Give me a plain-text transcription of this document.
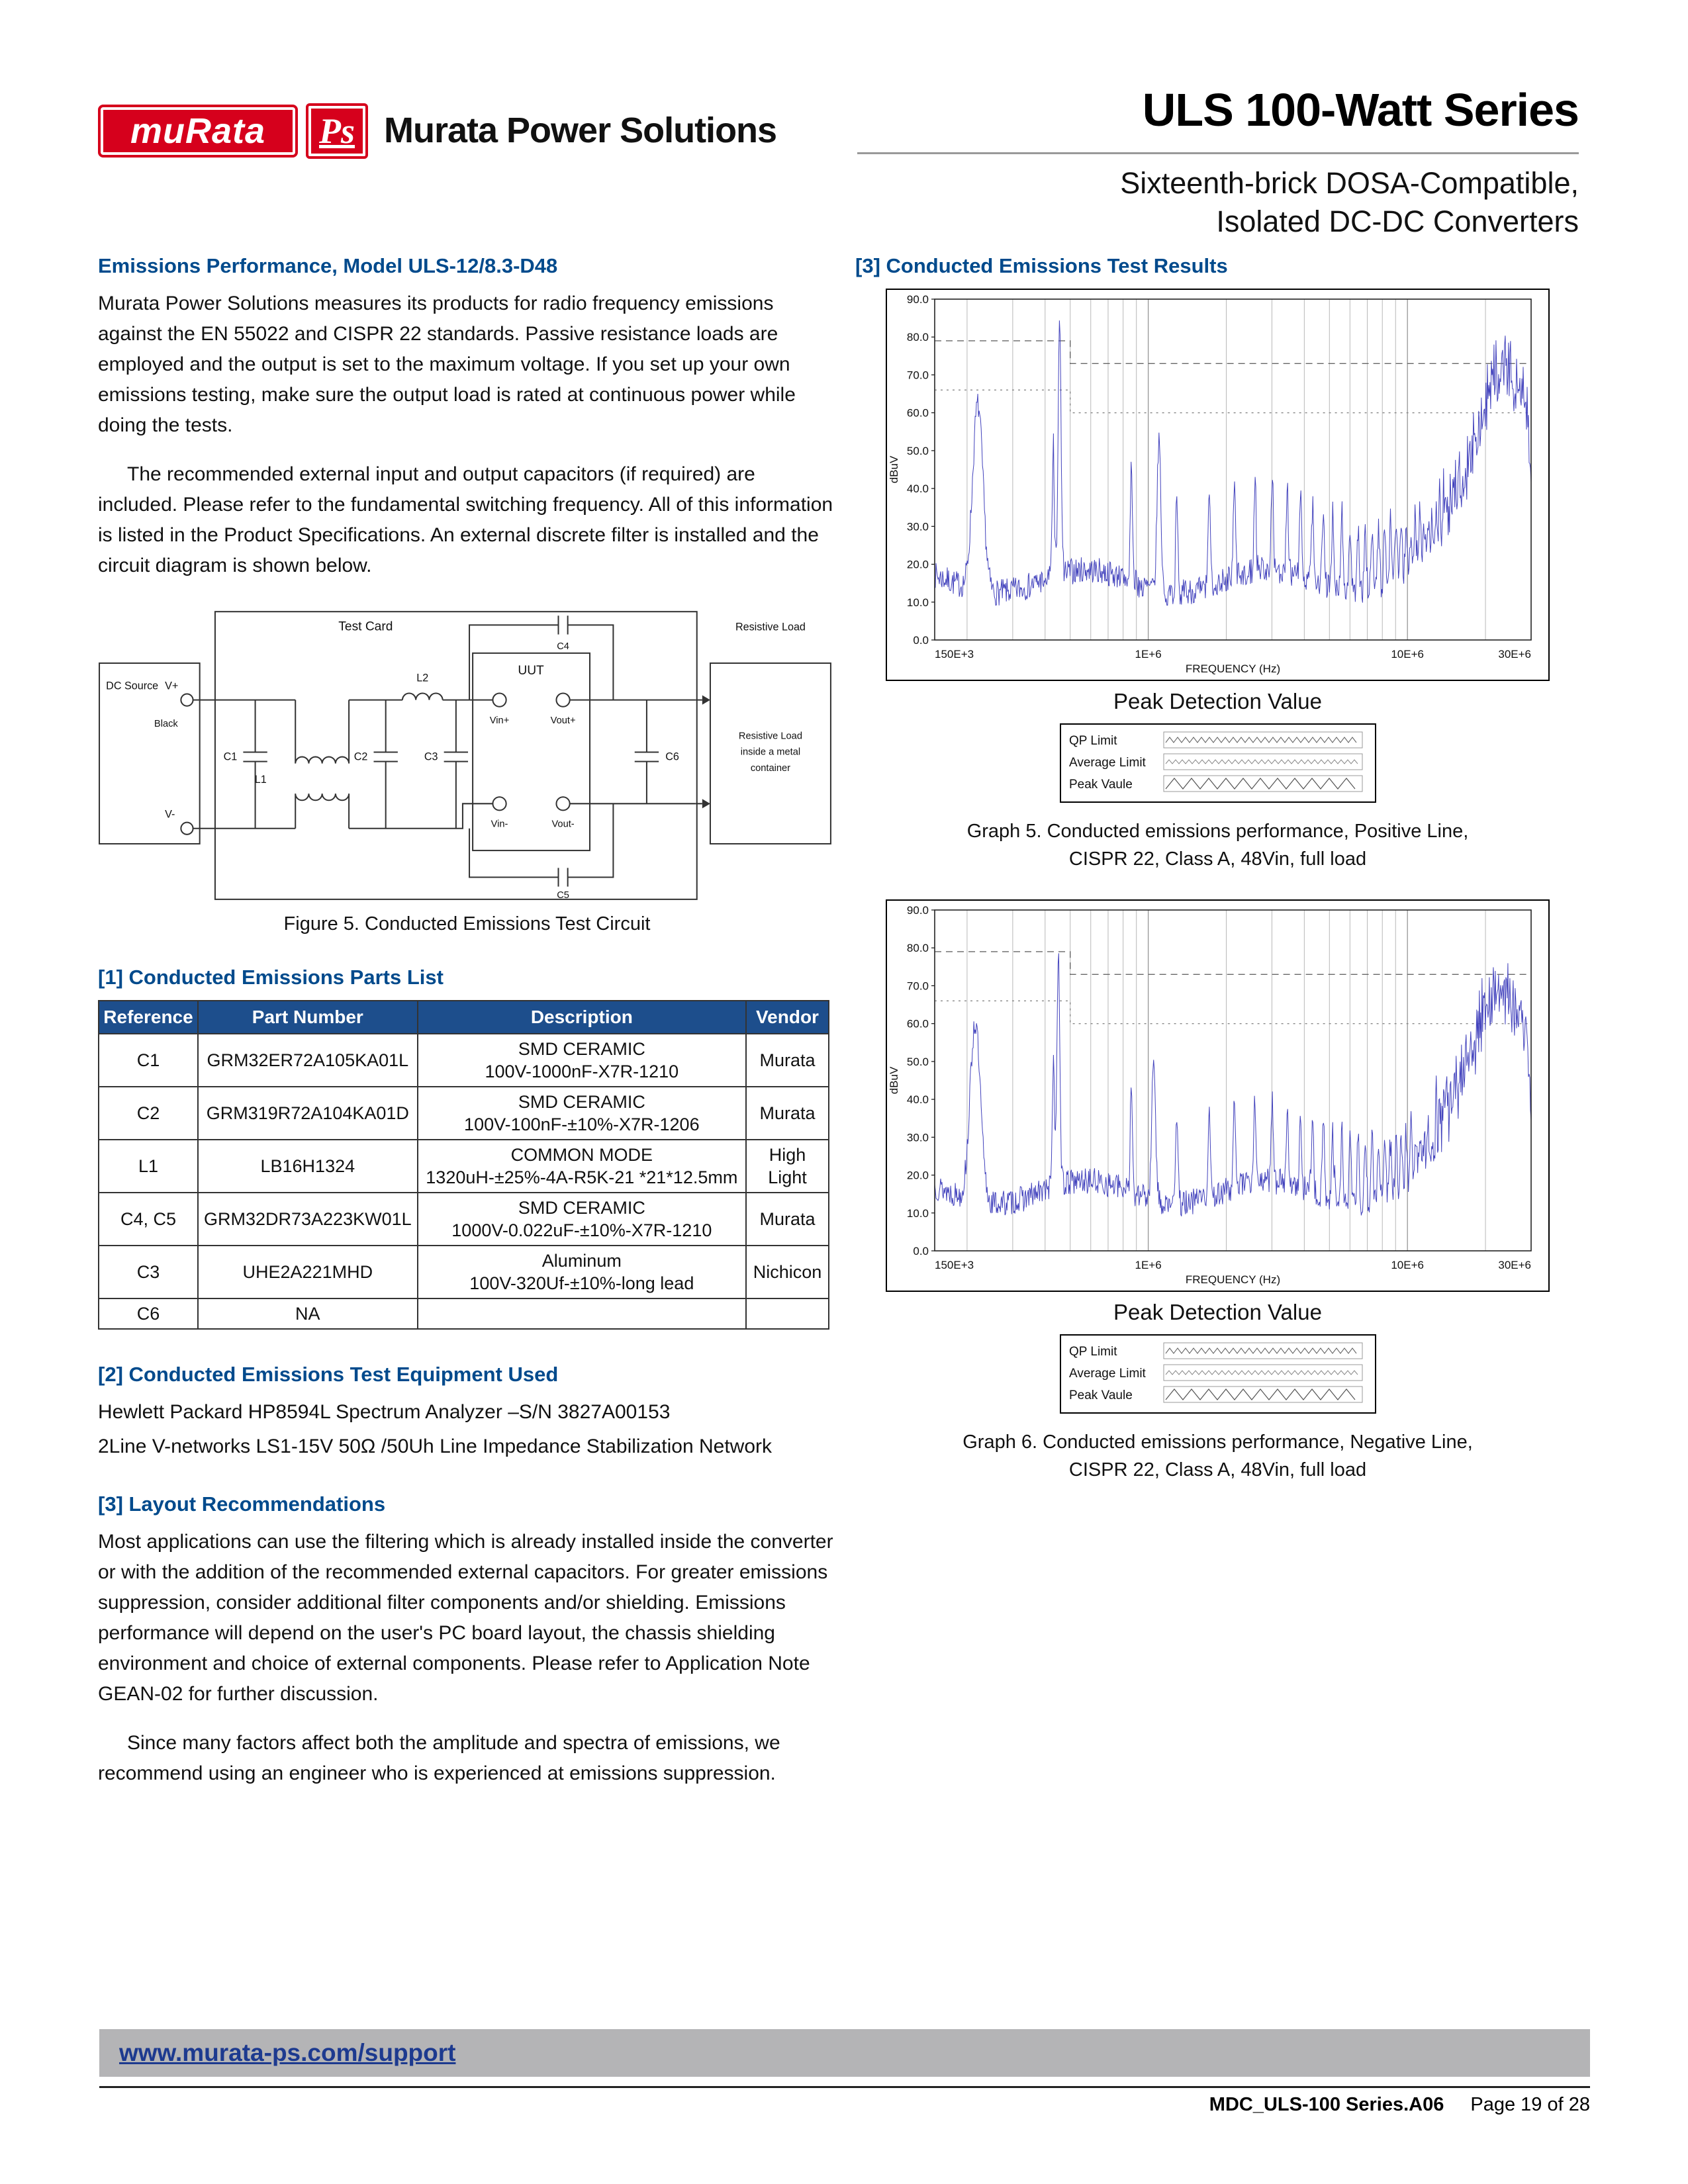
muRata Ps Murata Power Solutions	ULS 100-Watt Series
Sixteenth-brick DOSA-Compatible,
Isolated DC-DC Converters
Emissions Performance, Model ULS-12/8.3-D48

Murata Power Solutions measures its products for radio frequency emissions against the EN 55022 and CISPR 22 standards. Passive resistance loads are employed and the output is set to the maximum voltage. If you set up your own emissions testing, make sure the output load is rated at continuous power while doing the tests.

The recommended external input and output capacitors (if required) are included. Please refer to the fundamental switching frequency. All of this information is listed in the Product Specifications. An external discrete filter is installed and the circuit diagram is shown below.

Test Card	Resistive Load
DC Source V+
Black
V-
L1
L2
C1	C2	C3
UUT
Vin+	Vout+
Vin-	Vout-
C4
C5
C6
Resistive Load
inside a metal
container
Figure 5. Conducted Emissions Test Circuit
[1] Conducted Emissions Parts List
Reference	Part Number	Description	Vendor
C1	GRM32ER72A105KA01L	SMD CERAMIC
100V-1000nF-X7R-1210	Murata
C2	GRM319R72A104KA01D	SMD CERAMIC
100V-100nF-±10%-X7R-1206	Murata
L1	LB16H1324	COMMON MODE
1320uH-±25%-4A-R5K-21 *21*12.5mm	High Light
C4, C5	GRM32DR73A223KW01L	SMD CERAMIC
1000V-0.022uF-±10%-X7R-1210	Murata
C3	UHE2A221MHD	Aluminum
100V-320Uf-±10%-long lead	Nichicon
C6	NA		
[2] Conducted Emissions Test Equipment Used

Hewlett Packard HP8594L Spectrum Analyzer –S/N 3827A00153

2Line V-networks LS1-15V 50Ω /50Uh Line Impedance Stabilization Network

[3] Layout Recommendations

Most applications can use the filtering which is already installed inside the converter or with the addition of the recommended external capacitors. For greater emissions suppression, consider additional filter components and/or shielding. Emissions performance will depend on the user's PC board layout, the chassis shielding environment and choice of external components. Please refer to Application Note GEAN-02 for further discussion.

Since many factors affect both the amplitude and spectra of emissions, we recommend using an engineer who is experienced at emissions suppression.

[3] Conducted Emissions Test Results
90.0
80.0
70.0
60.0
50.0
40.0
30.0
20.0
10.0
0.0
150E+3	1E+6	10E+6	30E+6
FREQUENCY (Hz)
dBuV
Peak Detection Value
QP Limit
Average Limit
Peak Vaule
Graph 5. Conducted emissions performance, Positive Line,
CISPR 22, Class A, 48Vin, full load
90.0
80.0
70.0
60.0
50.0
40.0
30.0
20.0
10.0
0.0
150E+3	1E+6	10E+6	30E+6
FREQUENCY (Hz)
dBuV
Peak Detection Value
QP Limit
Average Limit
Peak Vaule
Graph 6. Conducted emissions performance, Negative Line,
CISPR 22, Class A, 48Vin, full load
www.murata-ps.com/support
MDC_ULS-100 Series.A06 Page 19 of 28
